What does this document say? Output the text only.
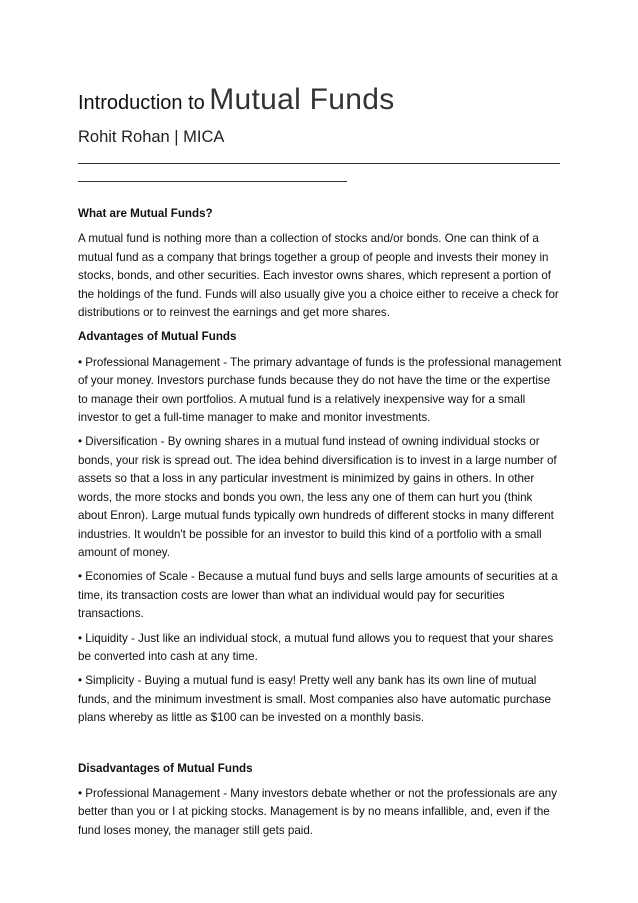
Introduction to Mutual Funds
Rohit Rohan | MICA
What are Mutual Funds?

A mutual fund is nothing more than a collection of stocks and/or bonds. One can think of a mutual fund as a company that brings together a group of people and invests their money in stocks, bonds, and other securities. Each investor owns shares, which represent a portion of the holdings of the fund. Funds will also usually give you a choice either to receive a check for distributions or to reinvest the earnings and get more shares.

Advantages of Mutual Funds

• Professional Management - The primary advantage of funds is the professional management of your money. Investors purchase funds because they do not have the time or the expertise to manage their own portfolios. A mutual fund is a relatively inexpensive way for a small investor to get a full-time manager to make and monitor investments.

• Diversification - By owning shares in a mutual fund instead of owning individual stocks or bonds, your risk is spread out. The idea behind diversification is to invest in a large number of assets so that a loss in any particular investment is minimized by gains in others. In other words, the more stocks and bonds you own, the less any one of them can hurt you (think about Enron). Large mutual funds typically own hundreds of different stocks in many different industries. It wouldn't be possible for an investor to build this kind of a portfolio with a small amount of money.

• Economies of Scale - Because a mutual fund buys and sells large amounts of securities at a time, its transaction costs are lower than what an individual would pay for securities transactions.

• Liquidity - Just like an individual stock, a mutual fund allows you to request that your shares be converted into cash at any time.

• Simplicity - Buying a mutual fund is easy! Pretty well any bank has its own line of mutual funds, and the minimum investment is small. Most companies also have automatic purchase plans whereby as little as $100 can be invested on a monthly basis.

Disadvantages of Mutual Funds

• Professional Management - Many investors debate whether or not the professionals are any better than you or I at picking stocks. Management is by no means infallible, and, even if the fund loses money, the manager still gets paid.
